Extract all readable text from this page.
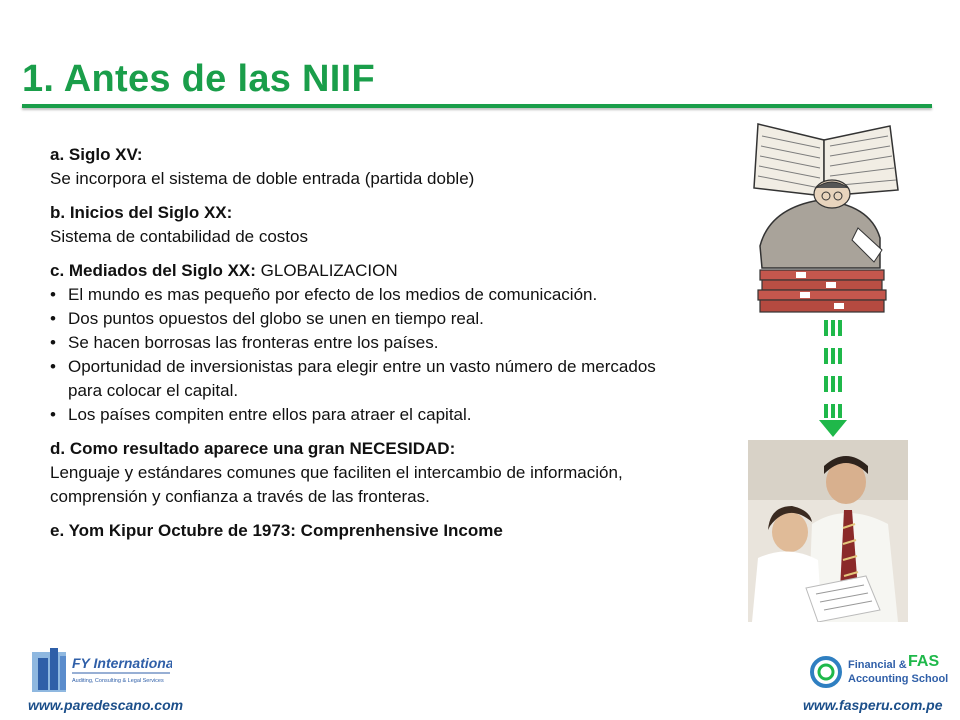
1. Antes de las NIIF
a. Siglo XV:
Se incorpora el sistema de doble entrada (partida doble)
b. Inicios del Siglo XX:
Sistema de contabilidad de costos
c. Mediados del Siglo XX: GLOBALIZACION
• El mundo es mas pequeño por efecto de los medios de comunicación.
• Dos puntos opuestos del globo se unen en tiempo real.
• Se hacen borrosas las fronteras entre los países.
• Oportunidad de inversionistas para elegir entre un vasto número de mercados para colocar el capital.
• Los países compiten entre ellos para atraer el capital.
d. Como resultado aparece una gran NECESIDAD:
Lenguaje y estándares comunes que faciliten el intercambio de información, comprensión y confianza a través de las fronteras.
e. Yom Kipur Octubre de 1973: Comprenhensive Income
FY International
Auditing, Consulting & Legal Services
Financial &
Accounting School
FAS
www.paredescano.com	www.fasperu.com.pe
